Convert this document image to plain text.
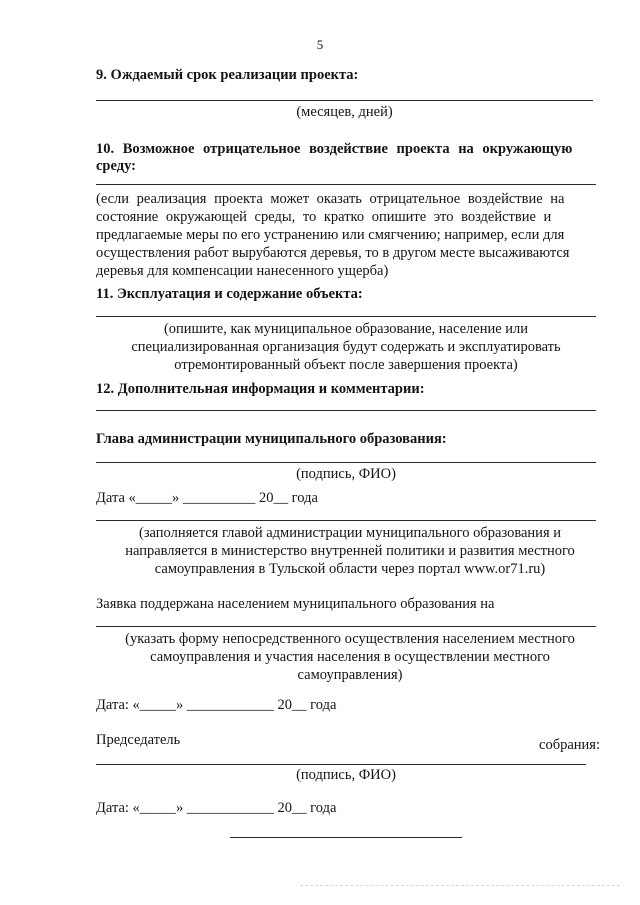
5
9. Ождаемый срок реализации проекта:
(месяцев, дней)
10. Возможное отрицательное воздействие проекта на окружающую
среду:
(если реализация проекта может оказать отрицательное воздействие на
состояние окружающей среды, то кратко опишите это воздействие и
предлагаемые меры по его устранению или смягчению; например, если для
осуществления работ вырубаются деревья, то в другом месте высаживаются
деревья для компенсации нанесенного ущерба)
11. Эксплуатация и содержание объекта:
(опишите, как муниципальное образование, население или
специализированная организация будут содержать и эксплуатировать
отремонтированный объект после завершения проекта)
12. Дополнительная информация и комментарии:
Глава администрации муниципального образования:
(подпись, ФИО)
Дата «_____» __________ 20__ года
(заполняется главой администрации муниципального образования и
направляется в министерство внутренней политики и развития местного
самоуправления в Тульской области через портал www.or71.ru)
Заявка поддержана населением муниципального образования на
(указать форму непосредственного осуществления населением местного
самоуправления и участия населения в осуществлении местного
самоуправления)
Дата: «_____» ____________ 20__ года
Председатель	собрания:
(подпись, ФИО)
Дата: «_____» ____________ 20__ года
